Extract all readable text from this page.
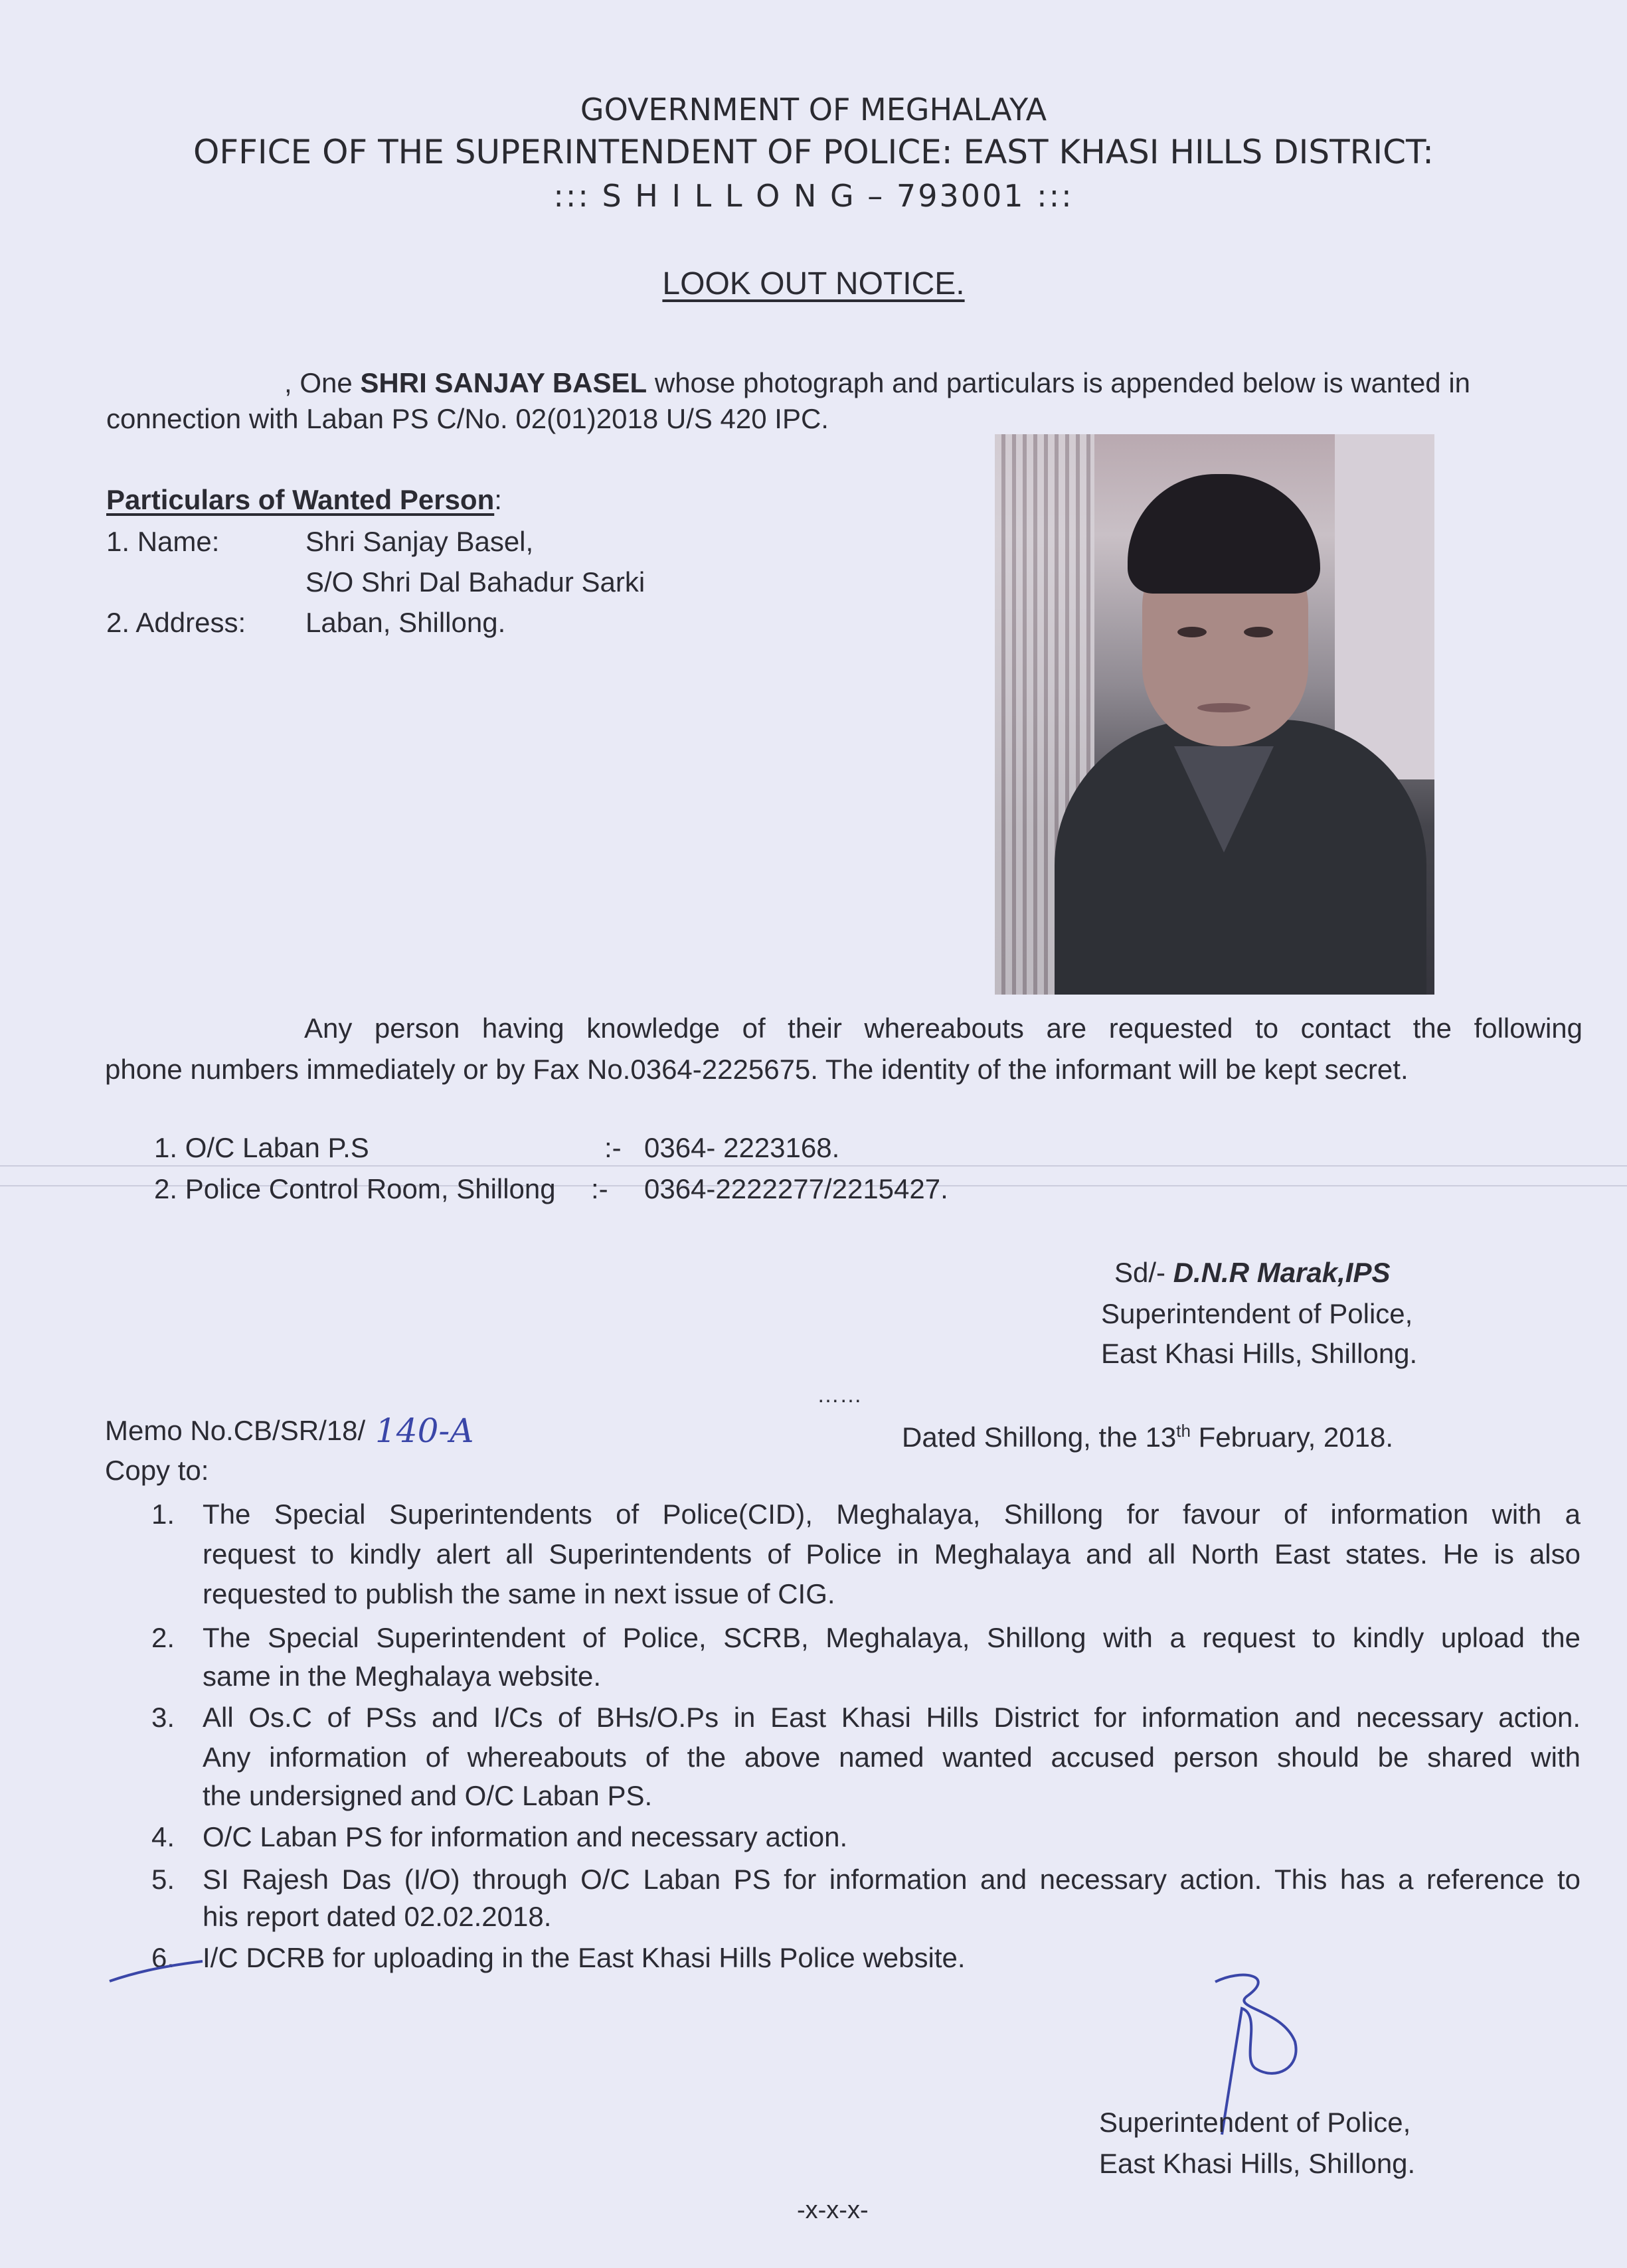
GOVERNMENT OF MEGHALAYA
OFFICE OF THE SUPERINTENDENT OF POLICE: EAST KHASI HILLS DISTRICT:
::: S H I L L O N G – 793001 :::
LOOK OUT NOTICE.
, One SHRI SANJAY BASEL whose photograph and particulars is appended below is wanted in
connection with Laban PS C/No. 02(01)2018 U/S 420 IPC.
Particulars of Wanted Person:
1. Name:	Shri Sanjay Basel,
S/O Shri Dal Bahadur Sarki
2. Address: Laban, Shillong.
Any person having knowledge of their whereabouts are requested to contact the following
phone numbers immediately or by Fax No.0364-2225675. The identity of the informant will be kept secret.
1. O/C Laban P.S	:- 0364- 2223168.
2. Police Control Room, Shillong :- 0364-2222277/2215427.
Sd/- D.N.R Marak,IPS
Superintendent of Police,
East Khasi Hills, Shillong.
……
Memo No.CB/SR/18/ 140-A	Dated Shillong, the 13th February, 2018.
Copy to:
1. The Special Superintendents of Police(CID), Meghalaya, Shillong for favour of information with a
request to kindly alert all Superintendents of Police in Meghalaya and all North East states. He is also
requested to publish the same in next issue of CIG.
2. The Special Superintendent of Police, SCRB, Meghalaya, Shillong with a request to kindly upload the
same in the Meghalaya website.
3. All Os.C of PSs and I/Cs of BHs/O.Ps in East Khasi Hills District for information and necessary action.
Any information of whereabouts of the above named wanted accused person should be shared with
the undersigned and O/C Laban PS.
4. O/C Laban PS for information and necessary action.
5. SI Rajesh Das (I/O) through O/C Laban PS for information and necessary action. This has a reference to
his report dated 02.02.2018.
6. I/C DCRB for uploading in the East Khasi Hills Police website.
Superintendent of Police,
East Khasi Hills, Shillong.
-x-x-x-
